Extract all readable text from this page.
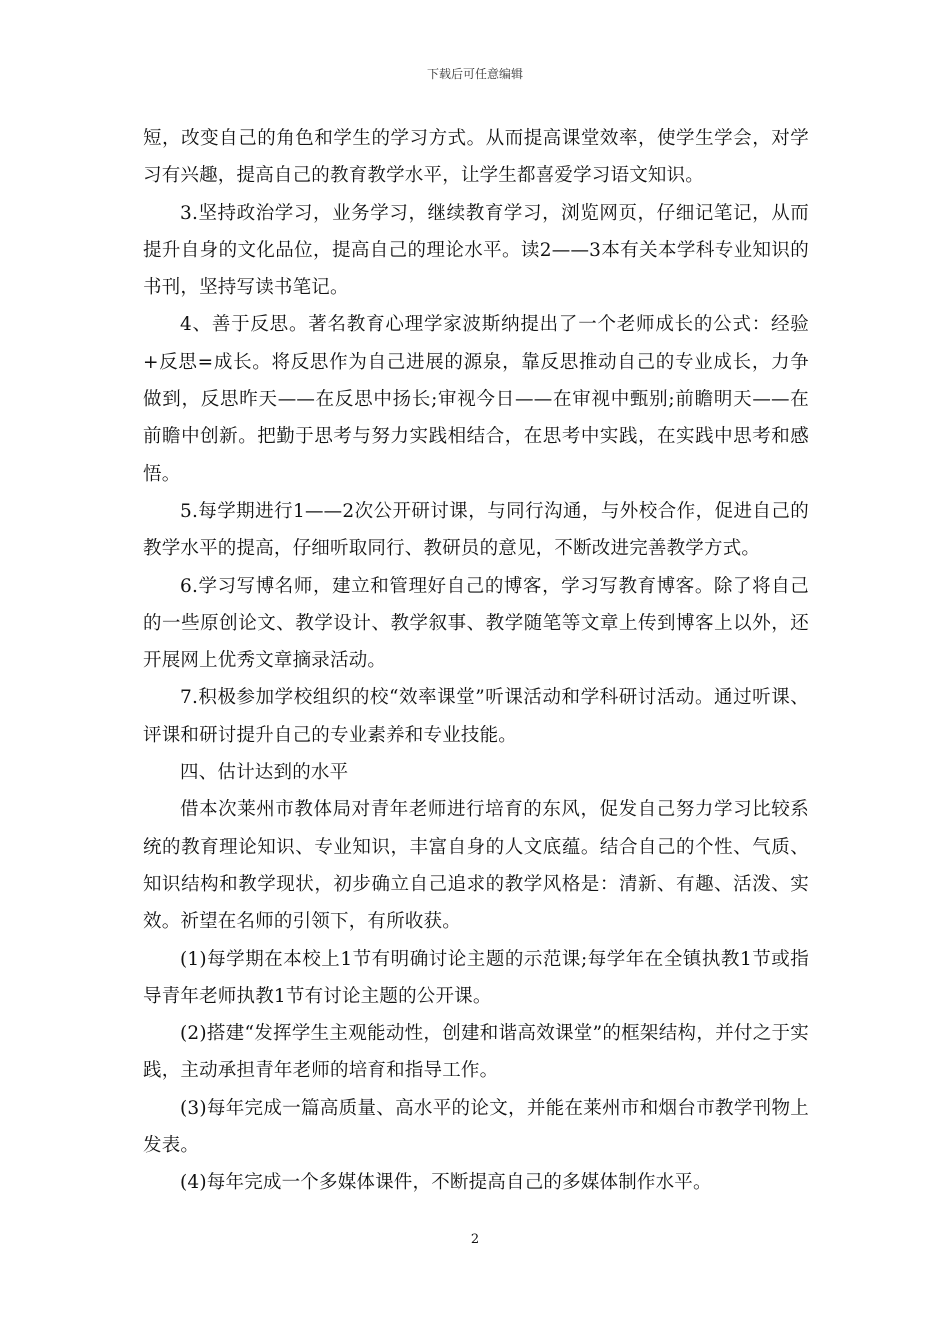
下载后可任意编辑

短，改变自己的角色和学生的学习方式。从而提高课堂效率，使学生学会，对学习有兴趣，提高自己的教育教学水平，让学生都喜爱学习语文知识。

3.坚持政治学习，业务学习，继续教育学习，浏览网页，仔细记笔记，从而提升自身的文化品位，提高自己的理论水平。读2——3本有关本学科专业知识的书刊，坚持写读书笔记。

4、善于反思。著名教育心理学家波斯纳提出了一个老师成长的公式：经验+反思=成长。将反思作为自己进展的源泉，靠反思推动自己的专业成长，力争做到，反思昨天——在反思中扬长;审视今日——在审视中甄别;前瞻明天——在前瞻中创新。把勤于思考与努力实践相结合，在思考中实践，在实践中思考和感悟。

5.每学期进行1——2次公开研讨课，与同行沟通，与外校合作，促进自己的教学水平的提高，仔细听取同行、教研员的意见，不断改进完善教学方式。

6.学习写博名师，建立和管理好自己的博客，学习写教育博客。除了将自己的一些原创论文、教学设计、教学叙事、教学随笔等文章上传到博客上以外，还开展网上优秀文章摘录活动。

7.积极参加学校组织的校“效率课堂”听课活动和学科研讨活动。通过听课、评课和研讨提升自己的专业素养和专业技能。

四、估计达到的水平

借本次莱州市教体局对青年老师进行培育的东风，促发自己努力学习比较系统的教育理论知识、专业知识，丰富自身的人文底蕴。结合自己的个性、气质、知识结构和教学现状，初步确立自己追求的教学风格是：清新、有趣、活泼、实效。祈望在名师的引领下，有所收获。

(1)每学期在本校上1节有明确讨论主题的示范课;每学年在全镇执教1节或指导青年老师执教1节有讨论主题的公开课。

(2)搭建“发挥学生主观能动性，创建和谐高效课堂”的框架结构，并付之于实践，主动承担青年老师的培育和指导工作。

(3)每年完成一篇高质量、高水平的论文，并能在莱州市和烟台市教学刊物上发表。

(4)每年完成一个多媒体课件，不断提高自己的多媒体制作水平。

2
